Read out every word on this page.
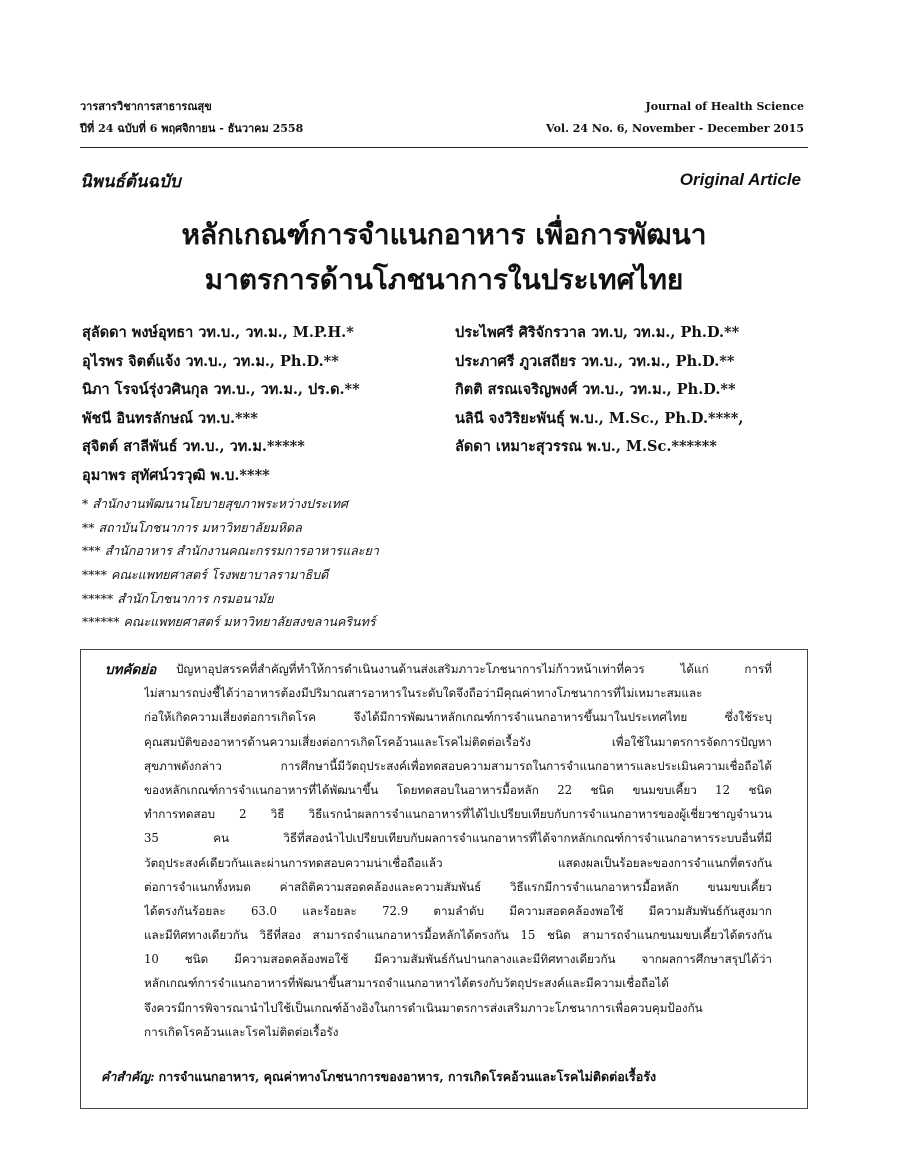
วารสารวิชาการสาธารณสุข
ปีที่ 24 ฉบับที่ 6 พฤศจิกายน - ธันวาคม 2558
Journal of Health Science
Vol. 24 No. 6, November - December 2015
นิพนธ์ต้นฉบับ	Original Article
หลักเกณฑ์การจำแนกอาหาร เพื่อการพัฒนา
มาตรการด้านโภชนาการในประเทศไทย
สุลัดดา พงษ์อุทธา วท.บ., วท.ม., M.P.H.*
อุไรพร จิตต์แจ้ง วท.บ., วท.ม., Ph.D.**
นิภา โรจน์รุ่งวศินกุล วท.บ., วท.ม., ปร.ด.**
พัชนี อินทรลักษณ์ วท.บ.***
สุจิตต์ สาลีพันธ์ วท.บ., วท.ม.*****
อุมาพร สุทัศน์วรวุฒิ พ.บ.****
ประไพศรี ศิริจักรวาล วท.บ, วท.ม., Ph.D.**
ประภาศรี ภูวเสถียร วท.บ., วท.ม., Ph.D.**
กิตติ สรณเจริญพงศ์ วท.บ., วท.ม., Ph.D.**
นลินี จงวิริยะพันธุ์ พ.บ., M.Sc., Ph.D.****,
ลัดดา เหมาะสุวรรณ พ.บ., M.Sc.******
* สำนักงานพัฒนานโยบายสุขภาพระหว่างประเทศ
** สถาบันโภชนาการ มหาวิทยาลัยมหิดล
*** สำนักอาหาร สำนักงานคณะกรรมการอาหารและยา
**** คณะแพทยศาสตร์ โรงพยาบาลรามาธิบดี
***** สำนักโภชนาการ กรมอนามัย
****** คณะแพทยศาสตร์ มหาวิทยาลัยสงขลานครินทร์
บทคัดย่อ	ปัญหาอุปสรรคที่สำคัญที่ทำให้การดำเนินงานด้านส่งเสริมภาวะโภชนาการไม่ก้าวหน้าเท่าที่ควร ได้แก่ การที่
ไม่สามารถบ่งชี้ได้ว่าอาหารต้องมีปริมาณสารอาหารในระดับใดจึงถือว่ามีคุณค่าทางโภชนาการที่ไม่เหมาะสมและ
ก่อให้เกิดความเสี่ยงต่อการเกิดโรค จึงได้มีการพัฒนาหลักเกณฑ์การจำแนกอาหารขึ้นมาในประเทศไทย ซึ่งใช้ระบุ
คุณสมบัติของอาหารด้านความเสี่ยงต่อการเกิดโรคอ้วนและโรคไม่ติดต่อเรื้อรัง เพื่อใช้ในมาตรการจัดการปัญหา
สุขภาพดังกล่าว การศึกษานี้มีวัตถุประสงค์เพื่อทดสอบความสามารถในการจำแนกอาหารและประเมินความเชื่อถือได้
ของหลักเกณฑ์การจำแนกอาหารที่ได้พัฒนาขึ้น โดยทดสอบในอาหารมื้อหลัก 22 ชนิด ขนมขบเคี้ยว 12 ชนิด
ทำการทดสอบ 2 วิธี วิธีแรกนำผลการจำแนกอาหารที่ได้ไปเปรียบเทียบกับการจำแนกอาหารของผู้เชี่ยวชาญจำนวน
35 คน วิธีที่สองนำไปเปรียบเทียบกับผลการจำแนกอาหารที่ได้จากหลักเกณฑ์การจำแนกอาหารระบบอื่นที่มี
วัตถุประสงค์เดียวกันและผ่านการทดสอบความน่าเชื่อถือแล้ว แสดงผลเป็นร้อยละของการจำแนกที่ตรงกัน
ต่อการจำแนกทั้งหมด ค่าสถิติความสอดคล้องและความสัมพันธ์ วิธีแรกมีการจำแนกอาหารมื้อหลัก ขนมขบเคี้ยว
ได้ตรงกันร้อยละ 63.0 และร้อยละ 72.9 ตามลำดับ มีความสอดคล้องพอใช้ มีความสัมพันธ์กันสูงมาก
และมีทิศทางเดียวกัน วิธีที่สอง สามารถจำแนกอาหารมื้อหลักได้ตรงกัน 15 ชนิด สามารถจำแนกขนมขบเคี้ยวได้ตรงกัน
10 ชนิด มีความสอดคล้องพอใช้ มีความสัมพันธ์กันปานกลางและมีทิศทางเดียวกัน จากผลการศึกษาสรุปได้ว่า
หลักเกณฑ์การจำแนกอาหารที่พัฒนาขึ้นสามารถจำแนกอาหารได้ตรงกับวัตถุประสงค์และมีความเชื่อถือได้
จึงควรมีการพิจารณานำไปใช้เป็นเกณฑ์อ้างอิงในการดำเนินมาตรการส่งเสริมภาวะโภชนาการเพื่อควบคุมป้องกัน
การเกิดโรคอ้วนและโรคไม่ติดต่อเรื้อรัง
คำสำคัญ: การจำแนกอาหาร, คุณค่าทางโภชนาการของอาหาร, การเกิดโรคอ้วนและโรคไม่ติดต่อเรื้อรัง
